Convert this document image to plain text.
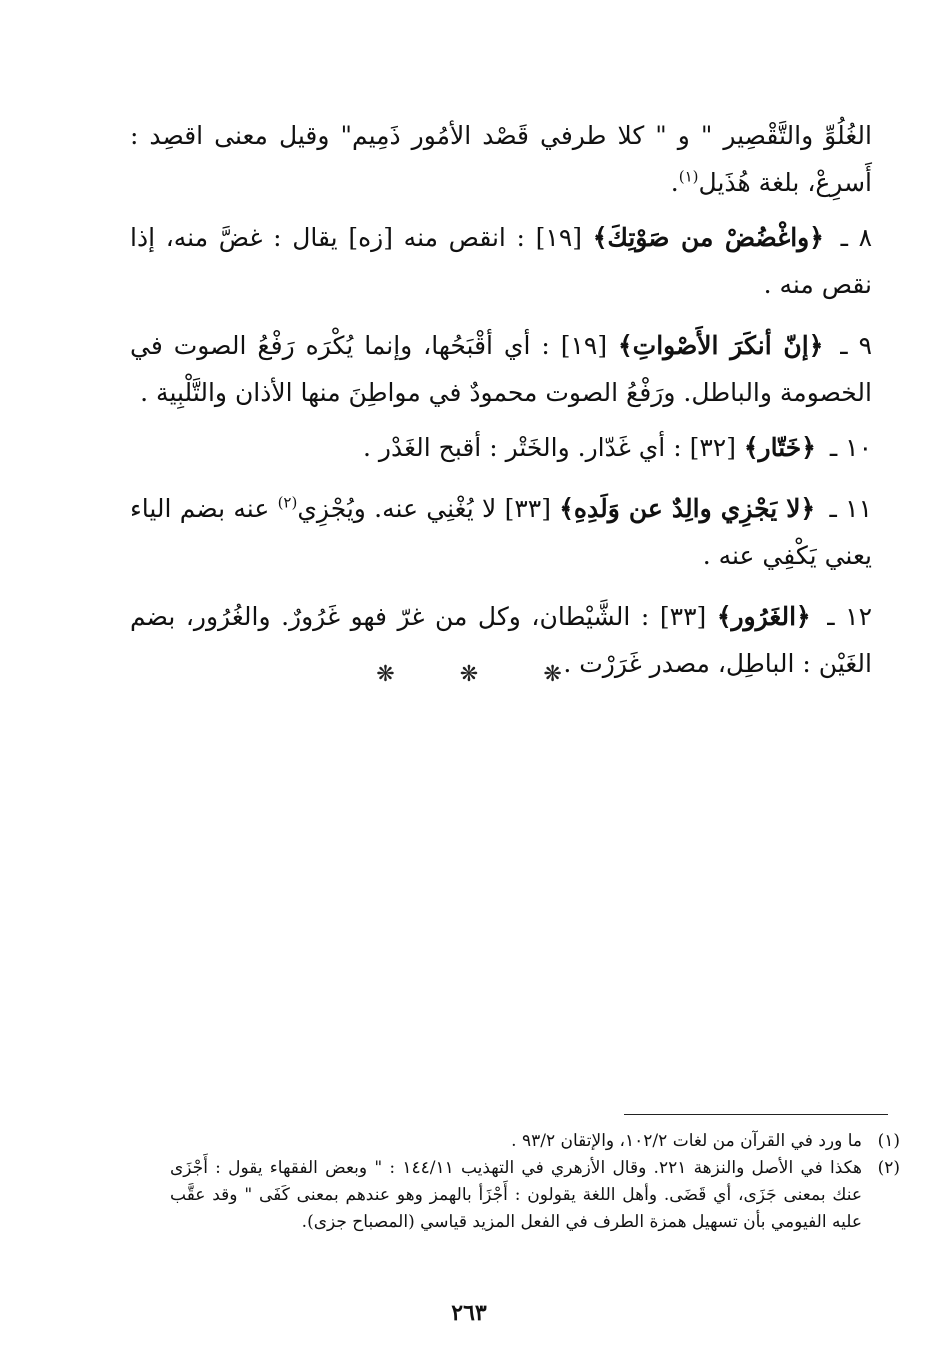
الغُلُوِّ والتَّقْصِير " و " كلا طرفي قَصْد الأمُور ذَمِيم" وقيل معنى اقصِد : أَسرِعْ، بلغة هُذَيل$^{(١)}$.

٨ ـ ﴿واغْضُضْ من صَوْتِكَ﴾ [١٩] : انقص منه [زه] يقال : غضَّ منه، إذا نقص منه .

٩ ـ ﴿إنّ أنكَرَ الأَصْواتِ﴾ [١٩] : أي أقْبَحُها، وإنما يُكْرَه رَفْعُ الصوت في الخصومة والباطل. ورَفْعُ الصوت محمودٌ في مواطِنَ منها الأذان والتَّلْبِية .

١٠ ـ ﴿خَتّار﴾ [٣٢] : أي غَدّار. والخَتْر : أقبح الغَدْر .

١١ ـ ﴿لا يَجْزِي والِدٌ عن وَلَدِهِ﴾ [٣٣] لا يُغْنِي عنه. ويُجْزِي$^{(٢)}$ عنه بضم الياء يعني يَكْفِي عنه .

١٢ ـ ﴿الغَرُور﴾ [٣٣] : الشَّيْطان، وكل من غرّ فهو غَرُورٌ. والغُرُور، بضم الغَيْن : الباطِل، مصدر غَرَرْت .

❋ ❋ ❋
(١)
ما ورد في القرآن من لغات ١٠٢/٢، والإتقان ٩٣/٢ .
(٢)
هكذا في الأصل والنزهة ٢٢١. وقال الأزهري في التهذيب ١٤٤/١١ : " وبعض الفقهاء يقول : أَجْزَى عنك بمعنى جَزَى، أي قَضَى. وأهل اللغة يقولون : أَجْزَأ بالهمز وهو عندهم بمعنى كَفَى " وقد عقَّب عليه الفيومي بأن تسهيل همزة الطرف في الفعل المزيد قياسي (المصباح جزى).
٢٦٣
